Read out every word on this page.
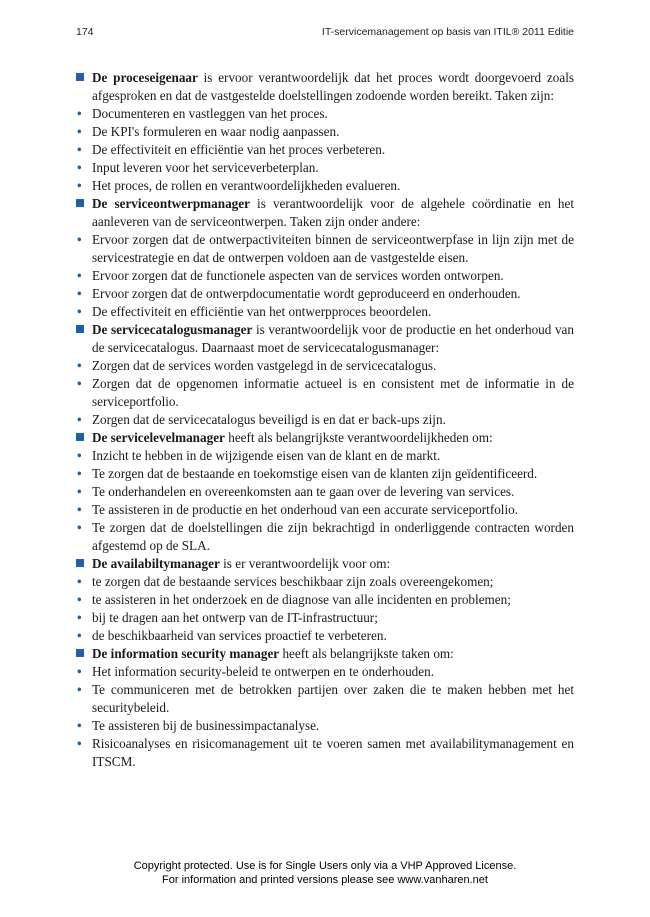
174	IT-servicemanagement op basis van ITIL® 2011 Editie

De proceseigenaar is ervoor verantwoordelijk dat het proces wordt doorgevoerd zoals afgesproken en dat de vastgestelde doelstellingen zodoende worden bereikt. Taken zijn:

• Documenteren en vastleggen van het proces.
• De KPI's formuleren en waar nodig aanpassen.
• De effectiviteit en efficiëntie van het proces verbeteren.
• Input leveren voor het serviceverbeterplan.
• Het proces, de rollen en verantwoordelijkheden evalueren.

De serviceontwerpmanager is verantwoordelijk voor de algehele coördinatie en het aanleveren van de serviceontwerpen. Taken zijn onder andere:

• Ervoor zorgen dat de ontwerpactiviteiten binnen de serviceontwerpfase in lijn zijn met de servicestrategie en dat de ontwerpen voldoen aan de vastgestelde eisen.
• Ervoor zorgen dat de functionele aspecten van de services worden ontworpen.
• Ervoor zorgen dat de ontwerpdocumentatie wordt geproduceerd en onderhouden.
• De effectiviteit en efficiëntie van het ontwerpproces beoordelen.

De servicecatalogusmanager is verantwoordelijk voor de productie en het onderhoud van de servicecatalogus. Daarnaast moet de servicecatalogusmanager:

• Zorgen dat de services worden vastgelegd in de servicecatalogus.
• Zorgen dat de opgenomen informatie actueel is en consistent met de informatie in de serviceportfolio.
• Zorgen dat de servicecatalogus beveiligd is en dat er back-ups zijn.

De servicelevelmanager heeft als belangrijkste verantwoordelijkheden om:

• Inzicht te hebben in de wijzigende eisen van de klant en de markt.
• Te zorgen dat de bestaande en toekomstige eisen van de klanten zijn geïdentificeerd.
• Te onderhandelen en overeenkomsten aan te gaan over de levering van services.
• Te assisteren in de productie en het onderhoud van een accurate serviceportfolio.
• Te zorgen dat de doelstellingen die zijn bekrachtigd in onderliggende contracten worden afgestemd op de SLA.

De availabiltymanager is er verantwoordelijk voor om:

• te zorgen dat de bestaande services beschikbaar zijn zoals overeengekomen;
• te assisteren in het onderzoek en de diagnose van alle incidenten en problemen;
• bij te dragen aan het ontwerp van de IT-infrastructuur;
• de beschikbaarheid van services proactief te verbeteren.

De information security manager heeft als belangrijkste taken om:

• Het information security-beleid te ontwerpen en te onderhouden.
• Te communiceren met de betrokken partijen over zaken die te maken hebben met het securitybeleid.
• Te assisteren bij de businessimpactanalyse.
• Risicoanalyses en risicomanagement uit te voeren samen met availabilitymanagement en ITSCM.
Copyright protected. Use is for Single Users only via a VHP Approved License.
For information and printed versions please see www.vanharen.net
